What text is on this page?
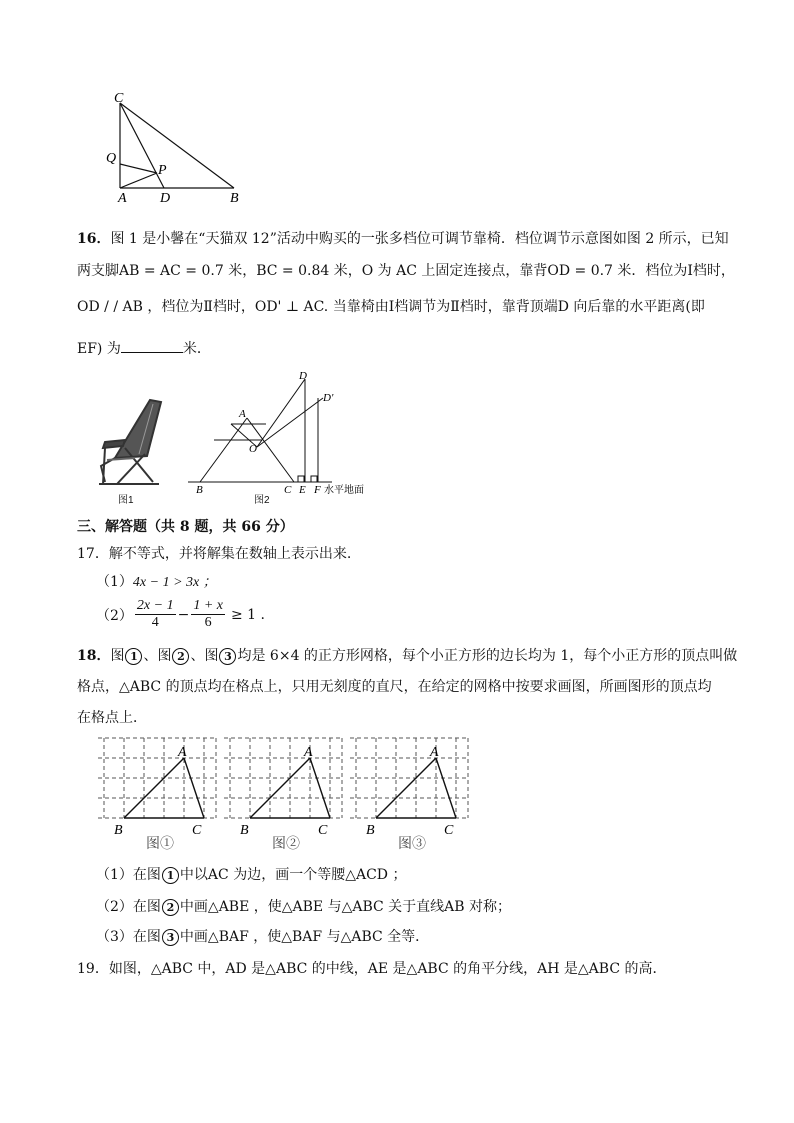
C
Q
P
A D	B
16．图 1 是小馨在“天猫双 12”活动中购买的一张多档位可调节靠椅．档位调节示意图如图 2 所示，已知
两支脚AB = AC = 0.7 米，BC = 0.84 米，O 为 AC 上固定连接点，靠背OD = 0.7 米．档位为Ⅰ档时，
OD / / AB ，档位为Ⅱ档时，OD' ⊥ AC. 当靠椅由Ⅰ档调节为Ⅱ档时，靠背顶端D 向后靠的水平距离(即
EF) 为	米．
图1
D
D'
A
O
B	C E F 水平地面
图2
三、解答题（共 8 题，共 66 分）
17．解不等式，并将解集在数轴上表示出来.
（1）4x − 1 > 3x ；
$(2) \frac{2x - 1}{4} - \frac{1 + x}{6} \ge 1$ .
18．图 1 、图 2 、图 3 均是 6×4 的正方形网格，每个小正方形的边长均为 1，每个小正方形的顶点叫做
格点，△ABC 的顶点均在格点上，只用无刻度的直尺，在给定的网格中按要求画图，所画图形的顶点均
在格点上．
A
B	C
图①
A
B	C
图②
A
B	C
图③
（1）在图 1 中以AC 为边，画一个等腰△ACD ；
（2）在图 2 中画△ABE ，使△ABE 与△ABC 关于直线AB 对称；
（3）在图 3 中画△BAF ，使△BAF 与△ABC 全等．
19．如图，△ABC 中，AD 是△ABC 的中线，AE 是△ABC 的角平分线，AH 是△ABC 的高．
